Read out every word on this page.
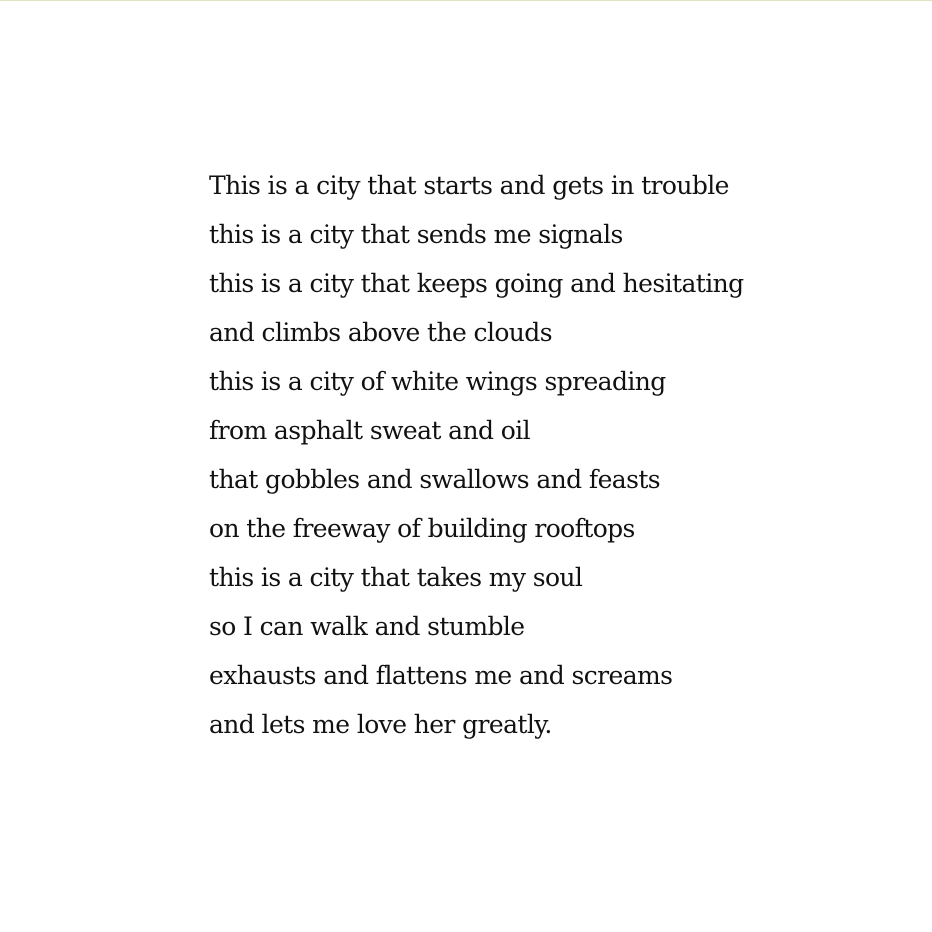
This is a city that starts and gets in trouble
this is a city that sends me signals
this is a city that keeps going and hesitating
and climbs above the clouds
this is a city of white wings spreading
from asphalt sweat and oil
that gobbles and swallows and feasts
on the freeway of building rooftops
this is a city that takes my soul
so I can walk and stumble
exhausts and flattens me and screams
and lets me love her greatly.
